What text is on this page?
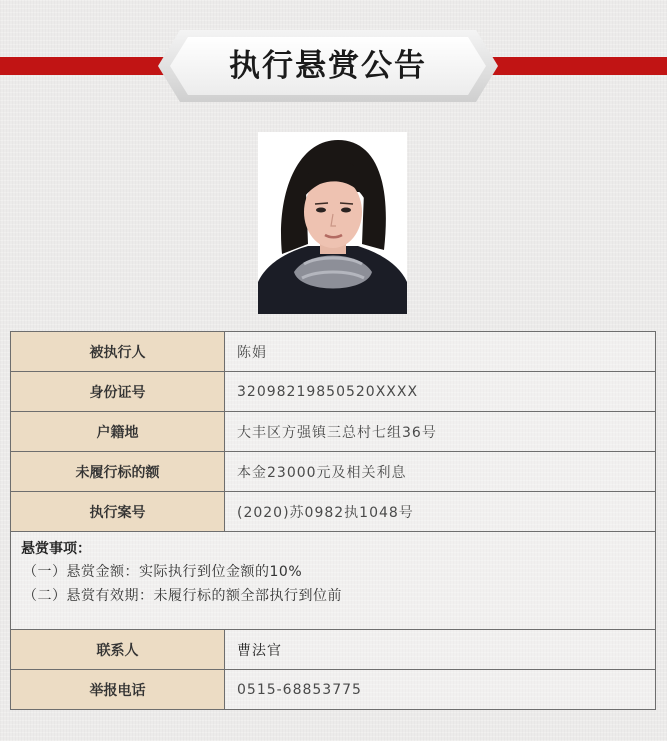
执行悬赏公告
被执行人	陈娟
身份证号	32098219850520XXXX
户籍地	大丰区方强镇三总村七组36号
未履行标的额	本金23000元及相关利息
执行案号	(2020)苏0982执1048号

悬赏事项：
（一）悬赏金额：实际执行到位金额的10%
（二）悬赏有效期：未履行标的额全部执行到位前	

联系人	曹法官
举报电话	0515-68853775
